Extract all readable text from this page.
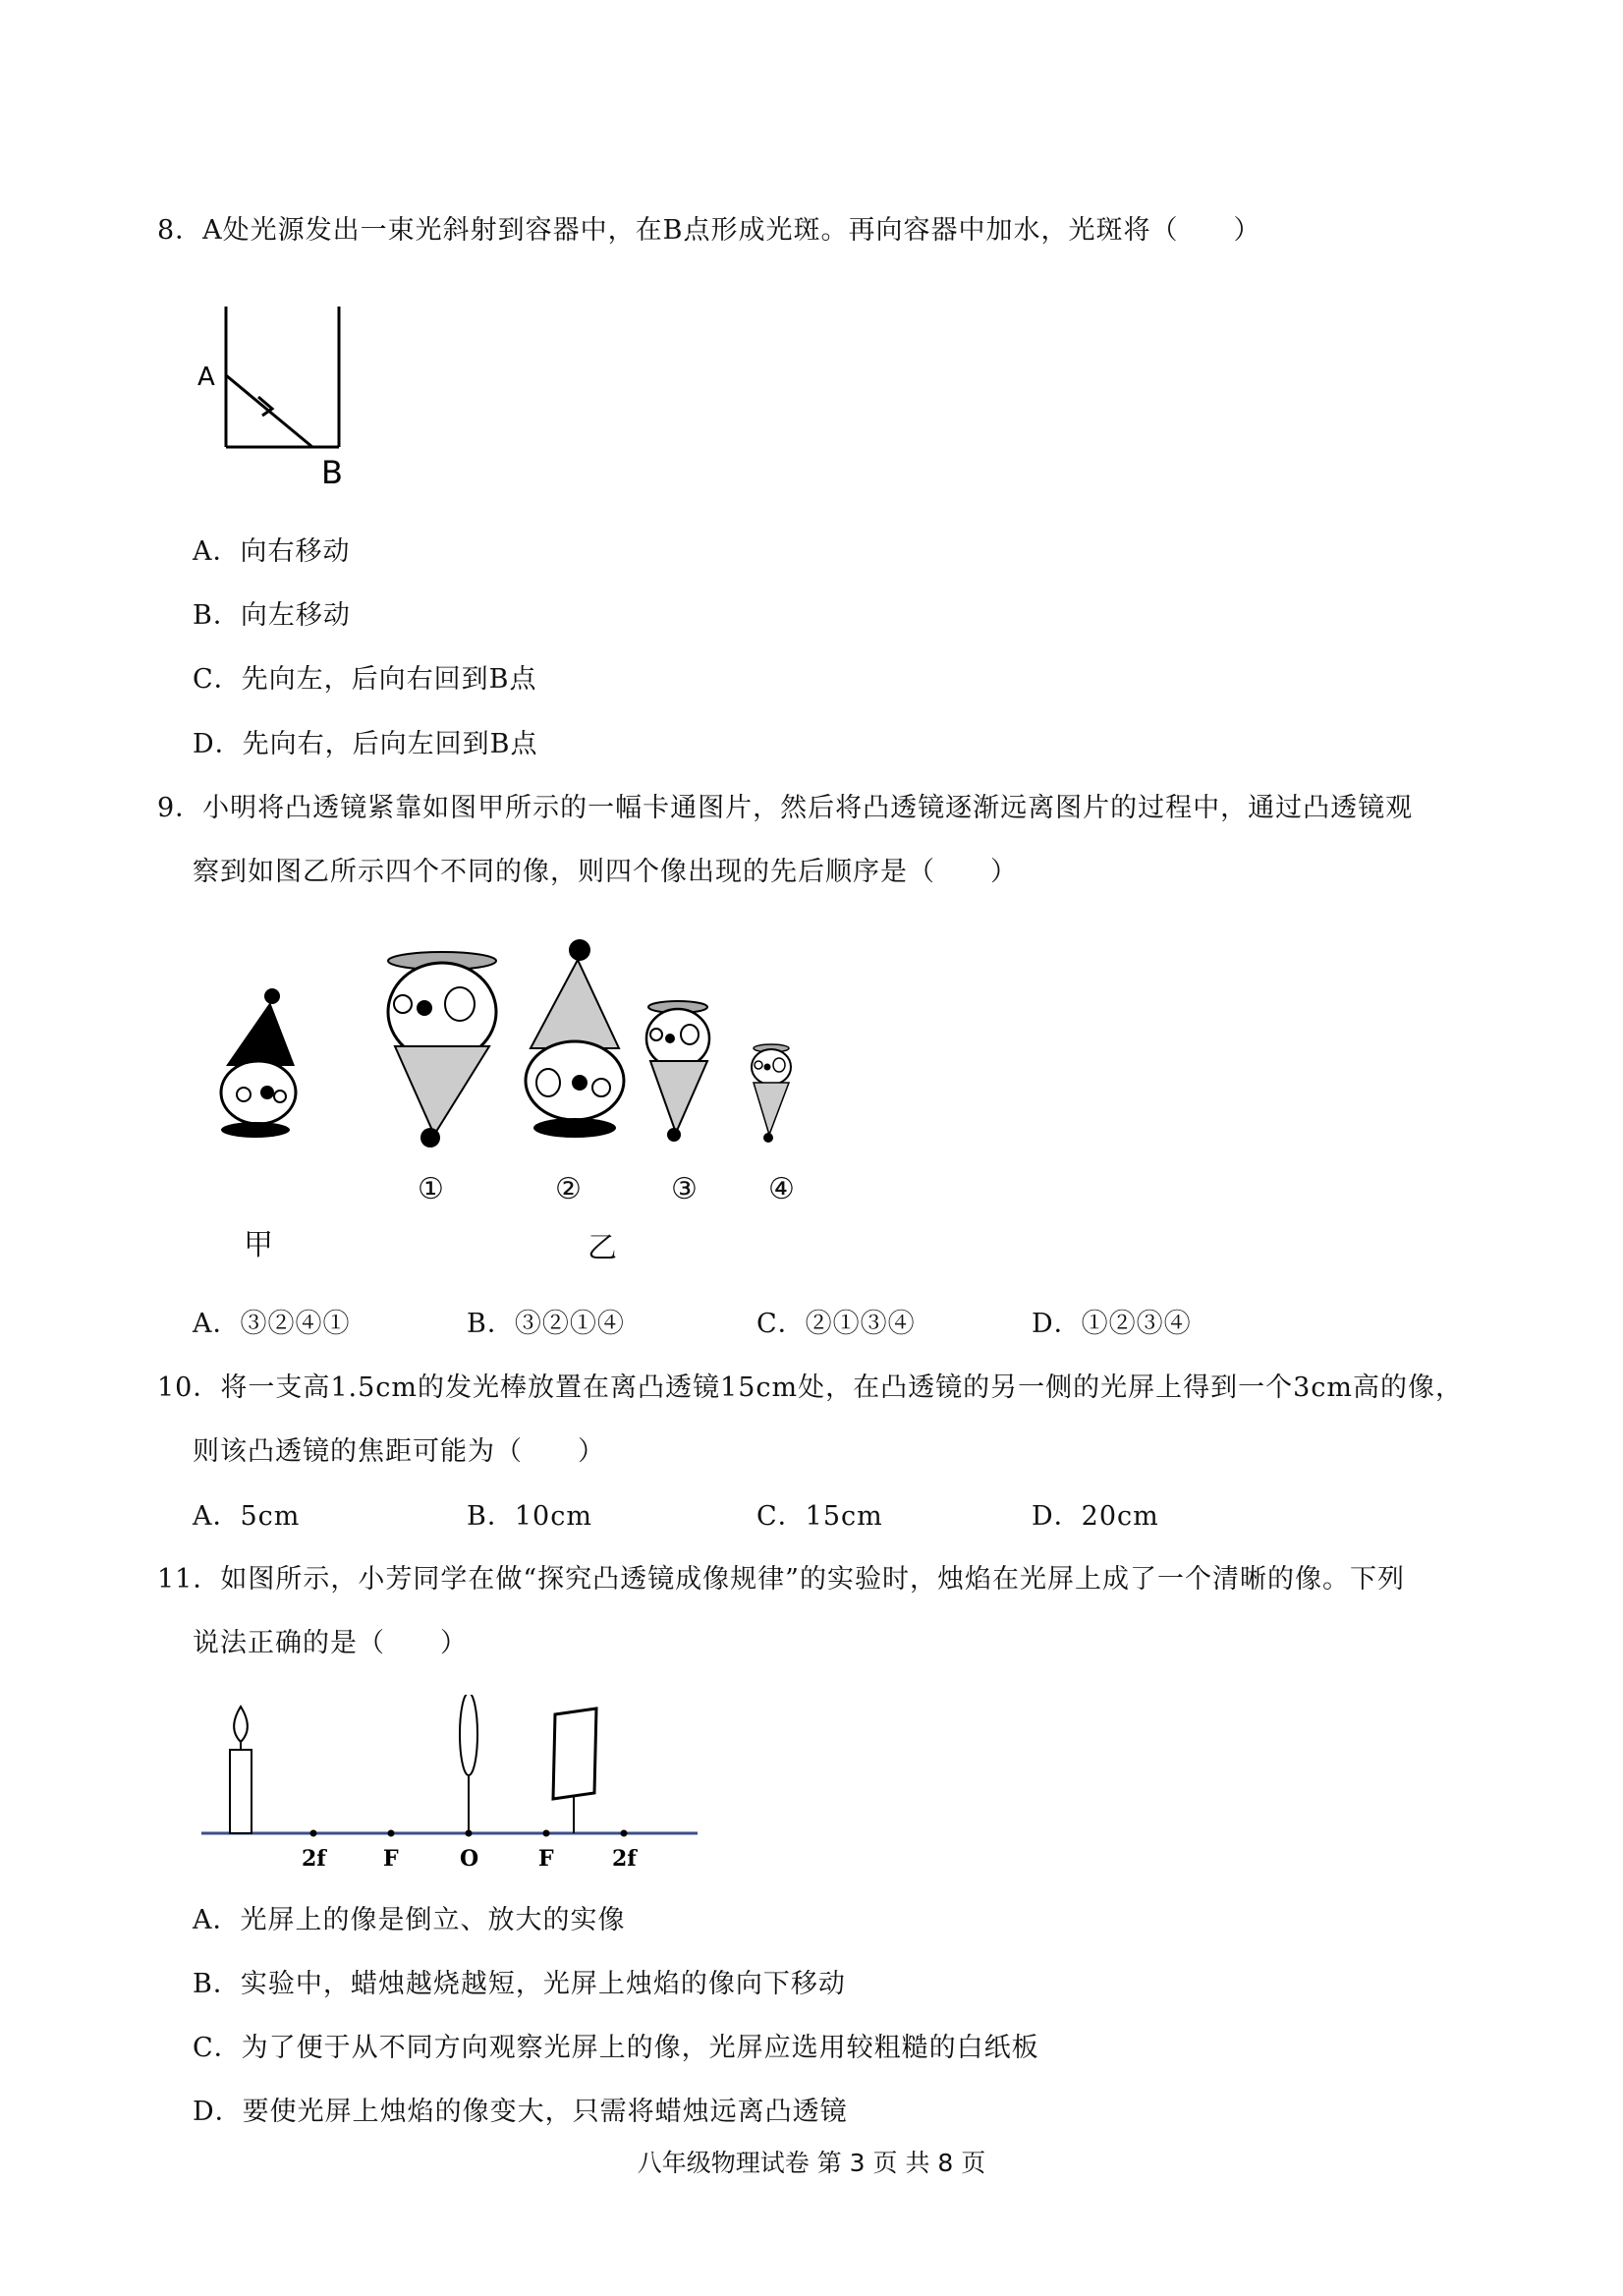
8．A处光源发出一束光斜射到容器中，在B点形成光斑。再向容器中加水，光斑将（　　）
A
B
A．向右移动
B．向左移动
C．先向左，后向右回到B点
D．先向右，后向左回到B点
9．小明将凸透镜紧靠如图甲所示的一幅卡通图片，然后将凸透镜逐渐远离图片的过程中，通过凸透镜观
察到如图乙所示四个不同的像，则四个像出现的先后顺序是（　　）
①	②	③ ④
甲	乙
A．③②④①	B．③②①④	C．②①③④	D．①②③④
10．将一支高1.5cm的发光棒放置在离凸透镜15cm处，在凸透镜的另一侧的光屏上得到一个3cm高的像，
则该凸透镜的焦距可能为（　　）
A．5cm	B．10cm	C．15cm	D．20cm
11．如图所示，小芳同学在做“探究凸透镜成像规律”的实验时，烛焰在光屏上成了一个清晰的像。下列
说法正确的是（　　）
2f	F	O	F	2f
A．光屏上的像是倒立、放大的实像
B．实验中，蜡烛越烧越短，光屏上烛焰的像向下移动
C．为了便于从不同方向观察光屏上的像，光屏应选用较粗糙的白纸板
D．要使光屏上烛焰的像变大，只需将蜡烛远离凸透镜
八年级物理试卷 第 3 页 共 8 页
